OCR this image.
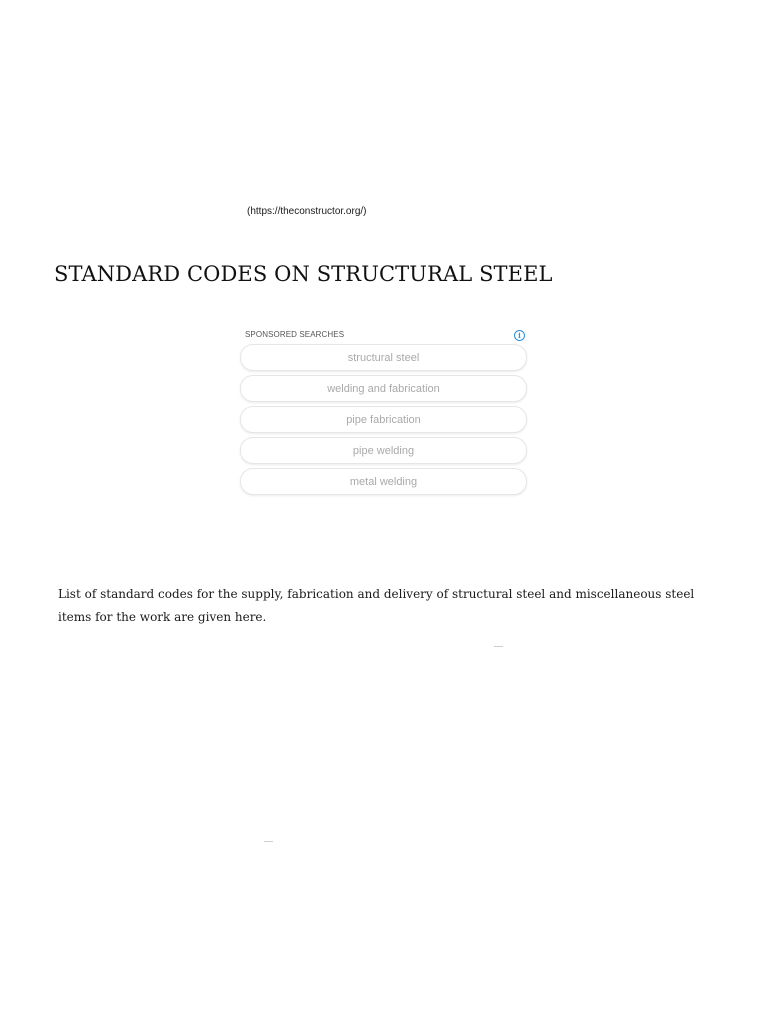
(https://theconstructor.org/)
STANDARD CODES ON STRUCTURAL STEEL
SPONSORED SEARCHES	i
structural steel
welding and fabrication
pipe fabrication
pipe welding
metal welding

List of standard codes for the supply, fabrication and delivery of structural steel and miscellaneous steel items for the work are given here.
